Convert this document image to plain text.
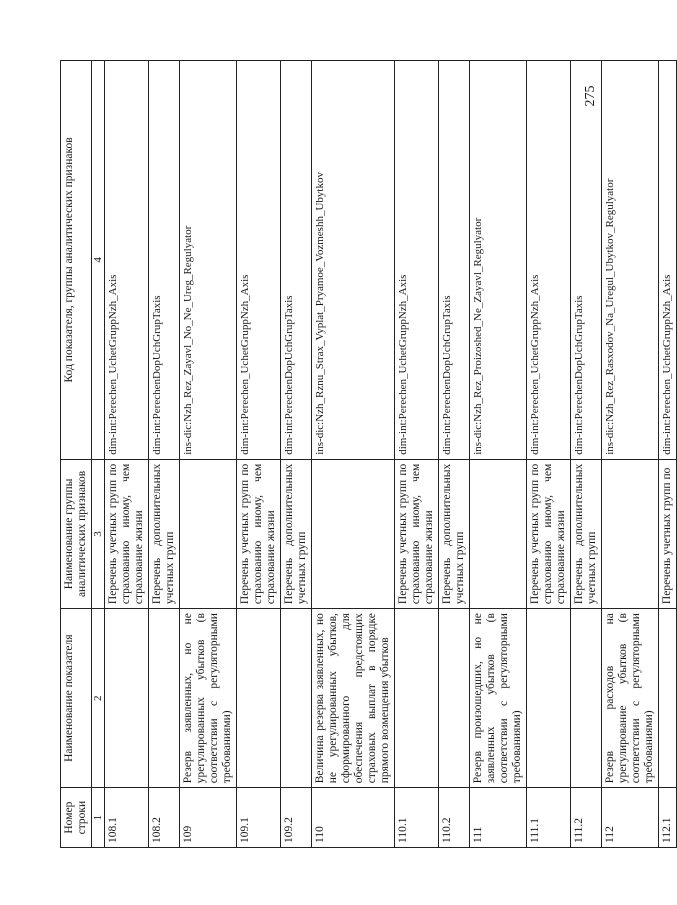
275
Номер строки	Наименование показателя	Наименование группы аналитических признаков	Код показателя, группы аналитических признаков
1	2	3	4
108.1		Перечень учетных групп по страхованию иному, чем страхование жизни	dim-int:Perechen_UchetGruppNzh_Axis
108.2		Перечень дополнительных учетных групп	dim-int:PerechenDopUchGrupTaxis
109	Резерв заявленных, но не урегулированных убытков (в соответствии с регуляторными требованиями)		ins-dic:Nzh_Rez_Zayavl_No_Ne_Ureg_Regulyator
109.1		Перечень учетных групп по страхованию иному, чем страхование жизни	dim-int:Perechen_UchetGruppNzh_Axis
109.2		Перечень дополнительных учетных групп	dim-int:PerechenDopUchGrupTaxis
110	Величина резерва заявленных, но не урегулированных убытков, сформированного для обеспечения предстоящих страховых выплат в порядке прямого возмещения убытков		ins-dic:Nzh_Rznu_Strax_Vyplat_Pryamoe_Vozmeshh_Ubytkov
110.1		Перечень учетных групп по страхованию иному, чем страхование жизни	dim-int:Perechen_UchetGruppNzh_Axis
110.2		Перечень дополнительных учетных групп	dim-int:PerechenDopUchGrupTaxis
111	Резерв произошедших, но не заявленных убытков (в соответствии с регуляторными требованиями)		ins-dic:Nzh_Rez_Proizoshed_Ne_Zayavl_Regulyator
111.1		Перечень учетных групп по страхованию иному, чем страхование жизни	dim-int:Perechen_UchetGruppNzh_Axis
111.2		Перечень дополнительных учетных групп	dim-int:PerechenDopUchGrupTaxis
112	Резерв расходов на урегулирование убытков (в соответствии с регуляторными требованиями)		ins-dic:Nzh_Rez_Rasxodov_Na_Uregul_Ubytkov_Regulyator
112.1		Перечень учетных групп по	dim-int:Perechen_UchetGruppNzh_Axis
